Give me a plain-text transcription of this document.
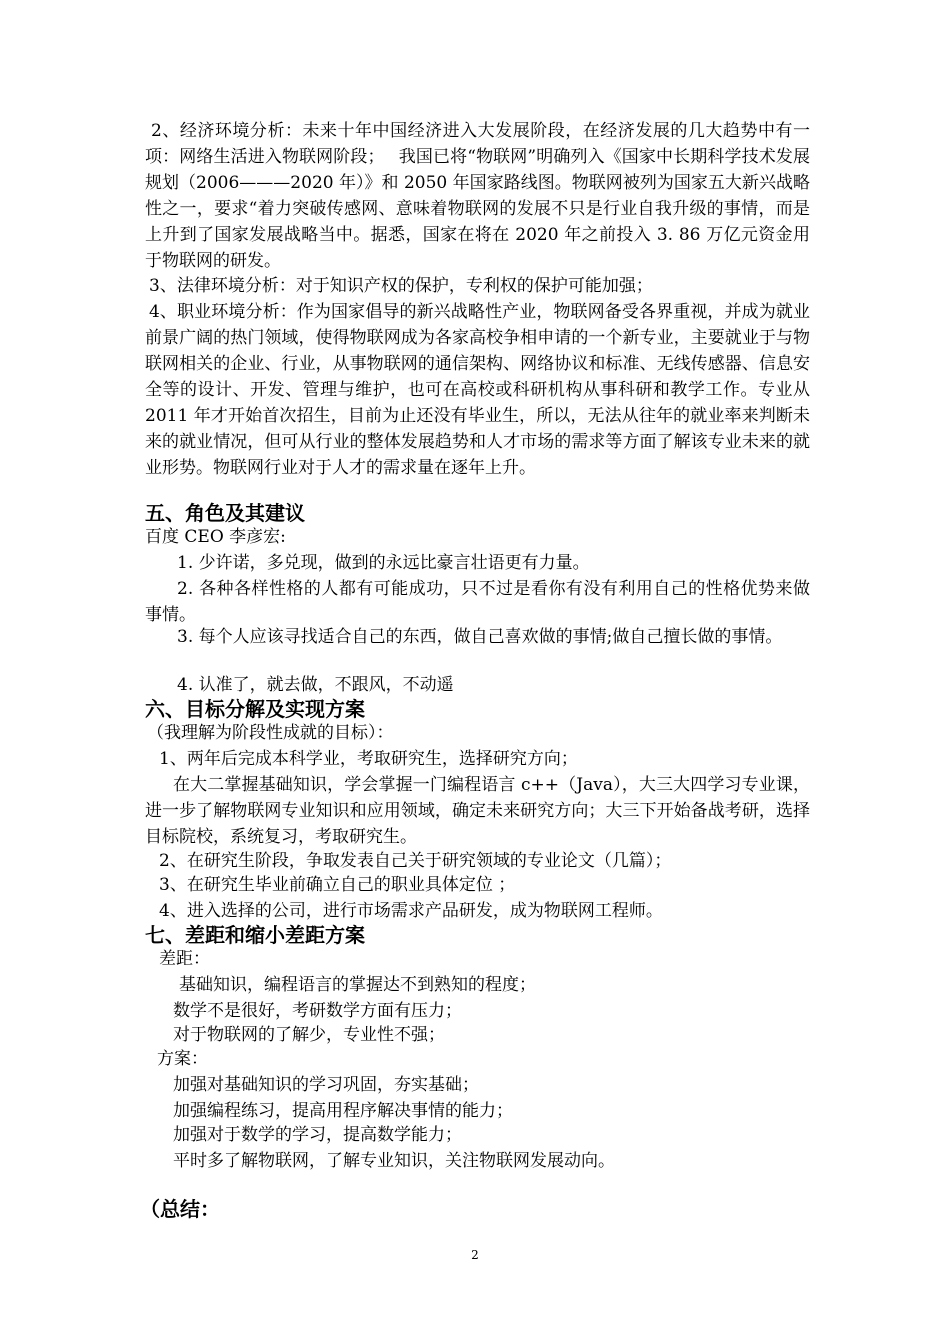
2、经济环境分析：未来十年中国经济进入大发展阶段，在经济发展的几大趋势中有一项：网络生活进入物联网阶段；　 我国已将“物联网”明确列入《国家中长期科学技术发展规划（2006———2020 年）》和 2050 年国家路线图。物联网被列为国家五大新兴战略性之一，要求“着力突破传感网、意味着物联网的发展不只是行业自我升级的事情，而是上升到了国家发展战略当中。据悉，国家在将在 2020 年之前投入 3. 86 万亿元资金用于物联网的研发。

3、法律环境分析：对于知识产权的保护，专利权的保护可能加强；

4、职业环境分析：作为国家倡导的新兴战略性产业，物联网备受各界重视，并成为就业前景广阔的热门领域，使得物联网成为各家高校争相申请的一个新专业，主要就业于与物联网相关的企业、行业，从事物联网的通信架构、网络协议和标准、无线传感器、信息安全等的设计、开发、管理与维护，也可在高校或科研机构从事科研和教学工作。专业从 2011 年才开始首次招生，目前为止还没有毕业生，所以，无法从往年的就业率来判断未来的就业情况，但可从行业的整体发展趋势和人才市场的需求等方面了解该专业未来的就业形势。物联网行业对于人才的需求量在逐年上升。

五、角色及其建议

百度 CEO 李彦宏:

1. 少许诺，多兑现，做到的永远比豪言壮语更有力量。

2. 各种各样性格的人都有可能成功，只不过是看你有没有利用自己的性格优势来做事情。

3. 每个人应该寻找适合自己的东西，做自己喜欢做的事情;做自己擅长做的事情。

4. 认准了，就去做，不跟风，不动遥

六、目标分解及实现方案

（我理解为阶段性成就的目标）：

1、两年后完成本科学业，考取研究生，选择研究方向；

在大二掌握基础知识，学会掌握一门编程语言 c++（Java），大三大四学习专业课，进一步了解物联网专业知识和应用领域，确定未来研究方向；大三下开始备战考研，选择目标院校，系统复习，考取研究生。

2、在研究生阶段，争取发表自己关于研究领域的专业论文（几篇）；

3、在研究生毕业前确立自己的职业具体定位 ；

4、进入选择的公司，进行市场需求产品研发，成为物联网工程师。

七、差距和缩小差距方案

差距：

基础知识，编程语言的掌握达不到熟知的程度；

数学不是很好，考研数学方面有压力；

对于物联网的了解少，专业性不强；

方案：

加强对基础知识的学习巩固，夯实基础；

加强编程练习，提高用程序解决事情的能力；

加强对于数学的学习，提高数学能力；

平时多了解物联网，了解专业知识，关注物联网发展动向。

（总结：
2
